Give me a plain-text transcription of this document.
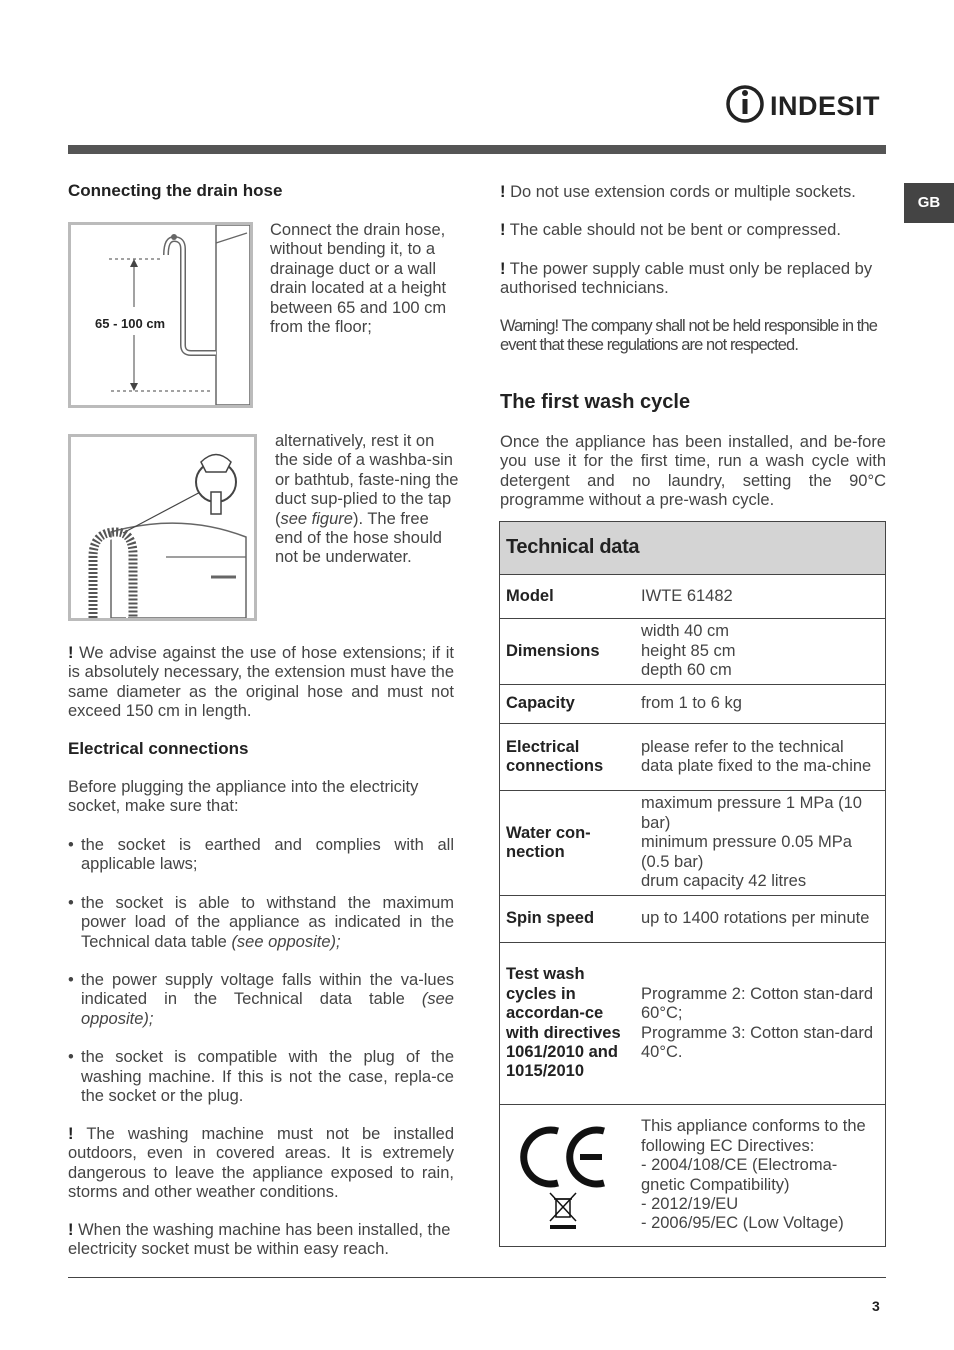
INDESIT
GB
Connecting the drain hose
65 - 100 cm
Connect the drain hose, without bending it, to a drainage duct or a wall drain located at a height between 65 and 100 cm from the floor;
alternatively, rest it on the side of a washba-sin or bathtub, faste-ning the duct sup-plied to the tap (see figure). The free end of the hose should not be underwater.
! We advise against the use of hose extensions; if it is absolutely necessary, the extension must have the same diameter as the original hose and must not exceed 150 cm in length.
Electrical connections
Before plugging the appliance into the electricity socket, make sure that:
• the socket is earthed and complies with all applicable laws;
• the socket is able to withstand the maximum power load of the appliance as indicated in the Technical data table (see opposite);
• the power supply voltage falls within the va-lues indicated in the Technical data table (see opposite);
• the socket is compatible with the plug of the washing machine. If this is not the case, repla-ce the socket or the plug.
! The washing machine must not be installed outdoors, even in covered areas. It is extremely dangerous to leave the appliance exposed to rain, storms and other weather conditions.
! When the washing machine has been installed, the electricity socket must be within easy reach.
! Do not use extension cords or multiple sockets.
! The cable should not be bent or compressed.
! The power supply cable must only be replaced by authorised technicians.
Warning! The company shall not be held responsible in the event that these regulations are not respected.
The first wash cycle
Once the appliance has been installed, and be-fore you use it for the first time, run a wash cycle with detergent and no laundry, setting the 90°C programme without a pre-wash cycle.
Technical data	
Model	IWTE 61482
Dimensions	width 40 cm
height 85 cm
depth 60 cm
Capacity	from 1 to 6 kg
Electrical connections	please refer to the technical data plate fixed to the ma-chine
Water con-nection	maximum pressure 1 MPa (10 bar)
minimum pressure 0.05 MPa (0.5 bar)
drum capacity 42 litres
Spin speed	up to 1400 rotations per minute
Test wash cycles in accordan-ce with directives 1061/2010 and 1015/2010	Programme 2: Cotton stan-dard 60°C;
Programme 3: Cotton stan-dard 40°C.
	This appliance conforms to the following EC Directives:
- 2004/108/CE (Electroma-gnetic Compatibility)
- 2012/19/EU
- 2006/95/EC (Low Voltage)
3
